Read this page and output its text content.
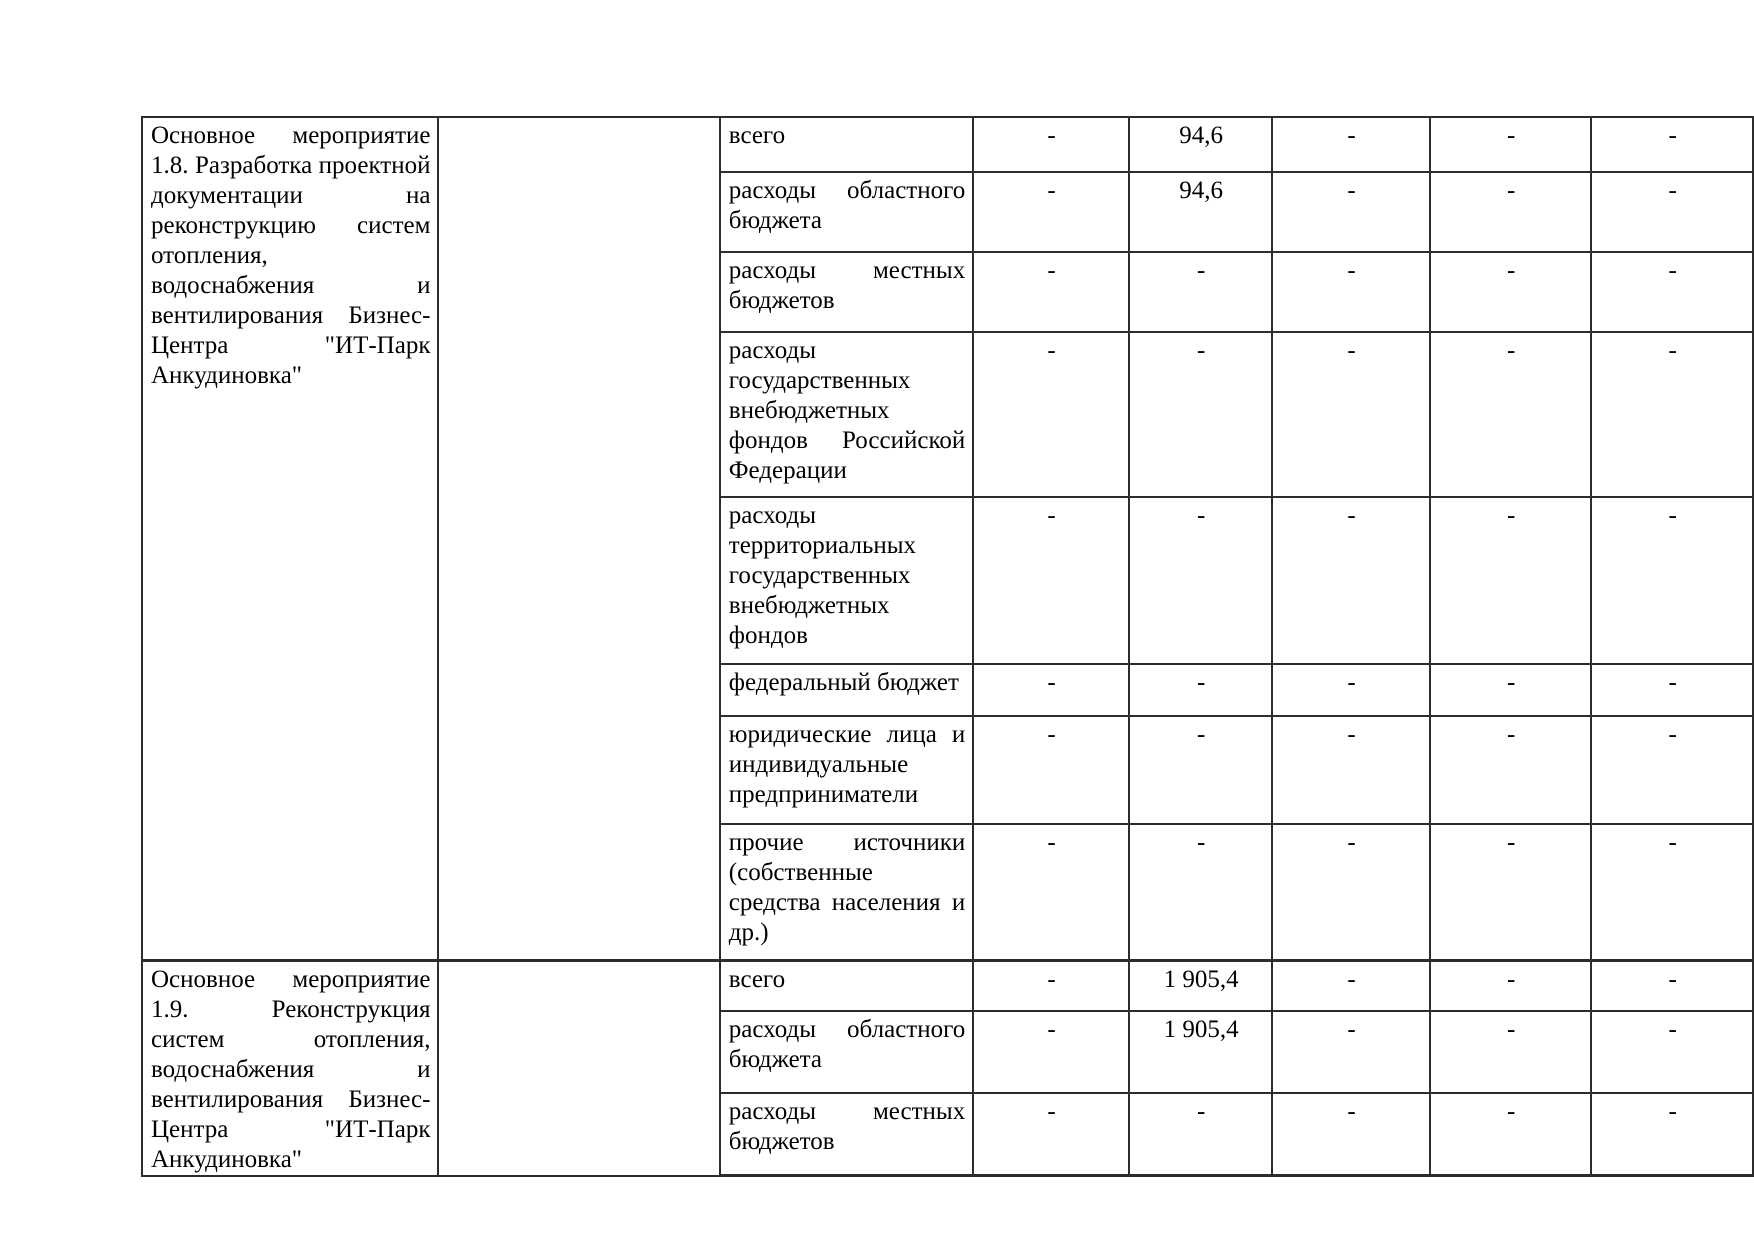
Основное мероприятие 1.8. Разработка проектной документации на реконструкцию систем отопления, водоснабжения и вентилирования Бизнес-Центра "ИТ-Парк Анкудиновка"		всего	-	94,6	-	-	-
		расходы областного бюджета	-	94,6	-	-	-
		расходы местных бюджетов	-	-	-	-	-
		расходы государственных внебюджетных фондов Российской Федерации	-	-	-	-	-
		расходы территориальных государственных внебюджетных фондов	-	-	-	-	-
		федеральный бюджет	-	-	-	-	-
		юридические лица и индивидуальные предприниматели	-	-	-	-	-
		прочие источники (собственные средства населения и др.)	-	-	-	-	-
Основное мероприятие 1.9. Реконструкция систем отопления, водоснабжения и вентилирования Бизнес-Центра "ИТ-Парк Анкудиновка"		всего	-	1 905,4	-	-	-
		расходы областного бюджета	-	1 905,4	-	-	-
		расходы местных бюджетов	-	-	-	-	-
